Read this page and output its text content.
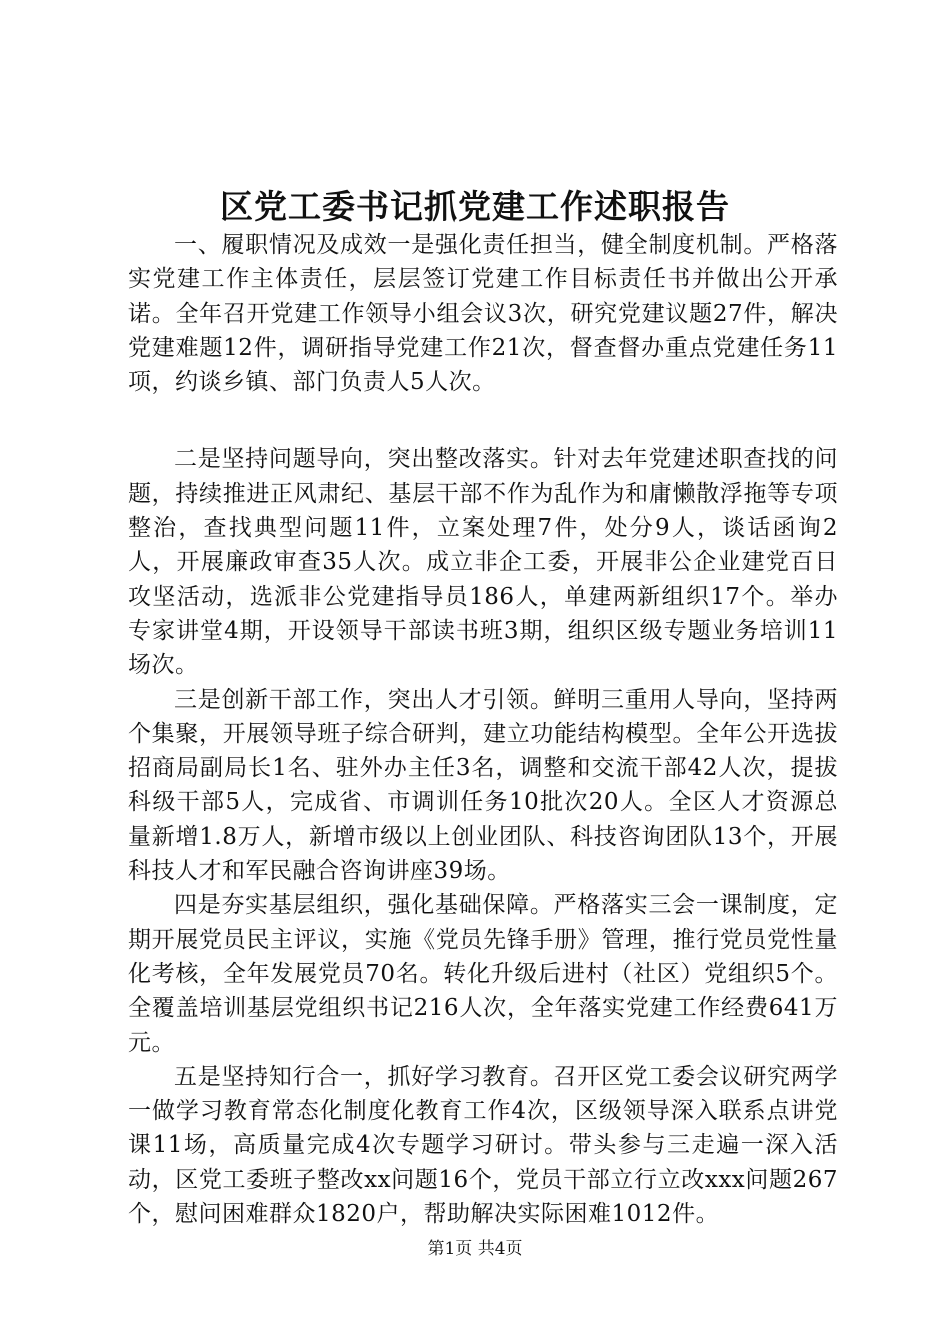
区党工委书记抓党建工作述职报告

一、履职情况及成效一是强化责任担当，健全制度机制。严格落实党建工作主体责任，层层签订党建工作目标责任书并做出公开承诺。全年召开党建工作领导小组会议3次，研究党建议题27件，解决党建难题12件，调研指导党建工作21次，督查督办重点党建任务11项，约谈乡镇、部门负责人5人次。

二是坚持问题导向，突出整改落实。针对去年党建述职查找的问题，持续推进正风肃纪、基层干部不作为乱作为和庸懒散浮拖等专项整治，查找典型问题11件，立案处理7件，处分9人，谈话函询2人，开展廉政审查35人次。成立非企工委，开展非公企业建党百日攻坚活动，选派非公党建指导员186人，单建两新组织17个。举办专家讲堂4期，开设领导干部读书班3期，组织区级专题业务培训11场次。

三是创新干部工作，突出人才引领。鲜明三重用人导向，坚持两个集聚，开展领导班子综合研判，建立功能结构模型。全年公开选拔招商局副局长1名、驻外办主任3名，调整和交流干部42人次，提拔科级干部5人，完成省、市调训任务10批次20人。全区人才资源总量新增1.8万人，新增市级以上创业团队、科技咨询团队13个，开展科技人才和军民融合咨询讲座39场。

四是夯实基层组织，强化基础保障。严格落实三会一课制度，定期开展党员民主评议，实施《党员先锋手册》管理，推行党员党性量化考核，全年发展党员70名。转化升级后进村（社区）党组织5个。全覆盖培训基层党组织书记216人次，全年落实党建工作经费641万元。

五是坚持知行合一，抓好学习教育。召开区党工委会议研究两学一做学习教育常态化制度化教育工作4次，区级领导深入联系点讲党课11场，高质量完成4次专题学习研讨。带头参与三走遍一深入活动，区党工委班子整改xx问题16个，党员干部立行立改xxx问题267个，慰问困难群众1820户，帮助解决实际困难1012件。

第1页 共4页
